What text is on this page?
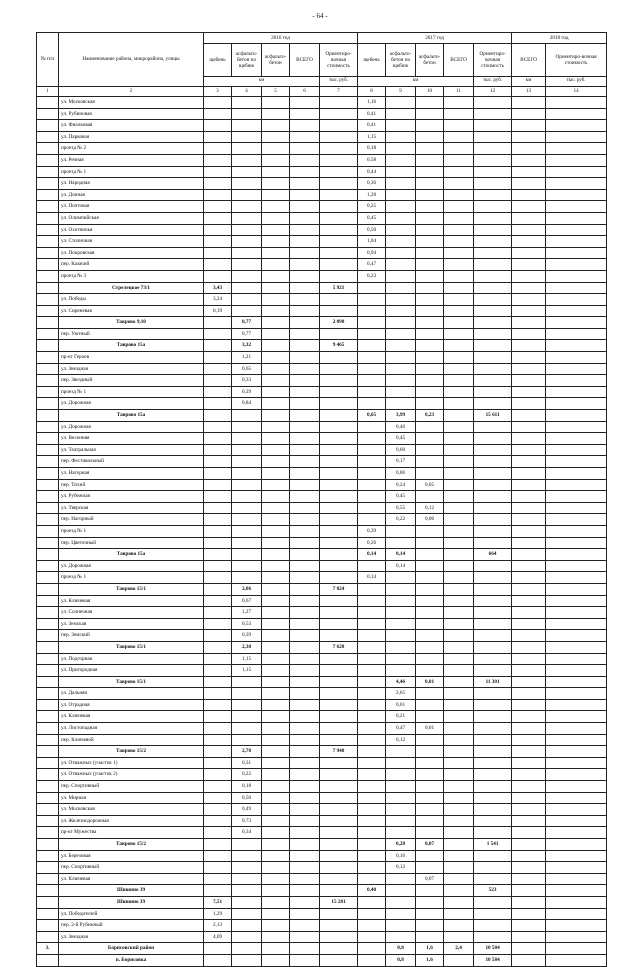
- 64 -
№ п/п	Наименование района, микрорайона, улицы	2016 год					2017 год					2018 год	
		щебень	асфальто-бетон по щебню	асфальто-бетон	ВСЕГО	Ориентиро-вочная стоимость	щебень	асфальто-бетон по щебню	асфальто-бетон	ВСЕГО	Ориентиро-вочная стоимость	ВСЕГО	Ориентиро-вочная стоимость
		км				тыс. руб.	км				тыс. руб.	км	тыс. руб.
1	2	3	4	5	6	7	8	9	10	11	12	13	14
	ул. Московская						1,16						
	ул. Рубиновая						0,41						
	ул. Фиалковая						0,41						
	ул. Парковая						1,15						
	проезд № 2						0,18						
	ул. Речная						0,58						
	проезд № 1						0,44						
	ул. Народная						0,36						
	ул. Донная						1,28						
	ул. Почтовая						0,25						
	ул. Олимпийская						0,45						
	ул. Охотничья						0,50						
	ул. Столичная						1,04						
	ул. Покровская						0,94						
	пер. Казачий						0,47						
	проезд № 3						0,23						
	Стрелецкое 73/1	3,43				5 921							
	ул. Победы	3,24											
	ул. Сиреневая	0,19											
	Таврово 9,10		0,77			2 090							
	пер. Уютный		0,77										
	Таврово 15а		3,32			9 465							
	пр-кт Героев		1,21										
	ул. Звездная		0,65										
	пер. Звездный		0,33										
	проезд № 1		0,29										
	ул. Дорожная		0,84										
	Таврово 15а						0,65	3,99	0,23		15 611		
	ул. Дорожная							0,46					
	ул. Весенняя							0,45					
	ул. Театральная							0,60					
	пер. Фестивальный							0,17					
	ул. Нагорная							0,86					
	пер. Тихий							0,24	0,05				
	ул. Рубежная							0,45					
	ул. Тверская							0,55	0,12				
	пер. Нагорный							0,22	0,06				
	проезд № 1						0,39						
	пер. Цветочный						0,26						
	Таврово 15а						0,14	0,14			664		
	ул. Дорожная							0,14					
	проезд № 1						0,14						
	Таврово 15/1		2,86			7 824							
	ул. Ключевая		0,67										
	ул. Солнечная		1,27										
	ул. Земская		0,53										
	пер. Земский		0,39										
	Таврово 15/1		2,30			7 628							
	ул. Подгорная		1,15										
	ул. Пригородная		1,15										
	Таврово 15/1							4,46	0,01		11 301		
	ул. Дальняя							2,65					
	ул. Отрадная							0,61					
	ул. Ключевая							0,21					
	ул. Листопадная							0,47	0,01				
	пер. Ключевой							0,12					
	Таврово 15/2		2,78			7 940							
	ул. Отважных (участок 1)		0,31										
	ул. Отважных (участок 2)		0,22										
	пер. Спортивный		0,18										
	ул. Мирная		0,50										
	ул. Московская		0,49										
	ул. Железнодорожная		0,73										
	пр-кт Мужества		0,34										
	Таврово 15/2							0,28	0,07		1 541		
	ул. Березовая							0,16					
	пер. Спортивный							0,12					
	ул. Ключевая								0,07				
	Шишино 39						0,40				523		
	Шишино 39	7,51				15 281							
	ул. Победителей	1,29											
	пер. 2-й Рубежный	2,13											
	ул. Звездная	4,09											
3.	Борисовский район							0,8	1,6	2,4	10 584		
	п. Борисовка							0,8	1,6		10 584		
